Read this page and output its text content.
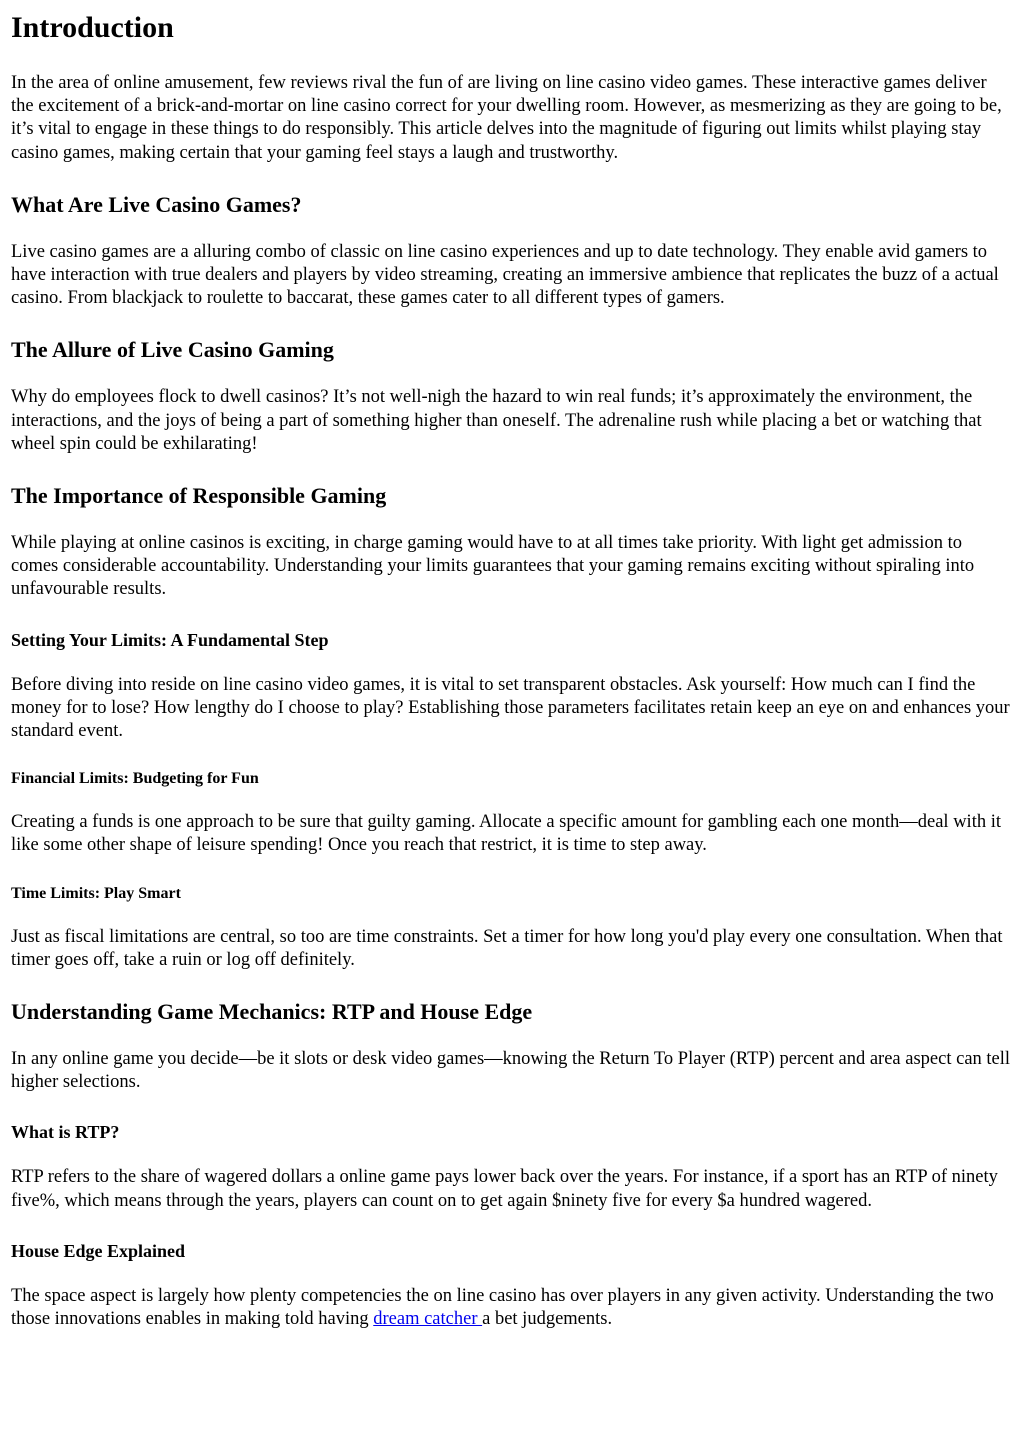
Introduction

In the area of online amusement, few reviews rival the fun of are living on line casino video games. These interactive games deliver the excitement of a brick-and-mortar on line casino correct for your dwelling room. However, as mesmerizing as they are going to be, it’s vital to engage in these things to do responsibly. This article delves into the magnitude of figuring out limits whilst playing stay casino games, making certain that your gaming feel stays a laugh and trustworthy.

What Are Live Casino Games?

Live casino games are a alluring combo of classic on line casino experiences and up to date technology. They enable avid gamers to have interaction with true dealers and players by video streaming, creating an immersive ambience that replicates the buzz of a actual casino. From blackjack to roulette to baccarat, these games cater to all different types of gamers.

The Allure of Live Casino Gaming

Why do employees flock to dwell casinos? It’s not well-nigh the hazard to win real funds; it’s approximately the environment, the interactions, and the joys of being a part of something higher than oneself. The adrenaline rush while placing a bet or watching that wheel spin could be exhilarating!

The Importance of Responsible Gaming

While playing at online casinos is exciting, in charge gaming would have to at all times take priority. With light get admission to comes considerable accountability. Understanding your limits guarantees that your gaming remains exciting without spiraling into unfavourable results.

Setting Your Limits: A Fundamental Step

Before diving into reside on line casino video games, it is vital to set transparent obstacles. Ask yourself: How much can I find the money for to lose? How lengthy do I choose to play? Establishing those parameters facilitates retain keep an eye on and enhances your standard event.

Financial Limits: Budgeting for Fun

Creating a funds is one approach to be sure that guilty gaming. Allocate a specific amount for gambling each one month—deal with it like some other shape of leisure spending! Once you reach that restrict, it is time to step away.

Time Limits: Play Smart

Just as fiscal limitations are central, so too are time constraints. Set a timer for how long you'd play every one consultation. When that timer goes off, take a ruin or log off definitely.

Understanding Game Mechanics: RTP and House Edge

In any online game you decide—be it slots or desk video games—knowing the Return To Player (RTP) percent and area aspect can tell higher selections.

What is RTP?

RTP refers to the share of wagered dollars a online game pays lower back over the years. For instance, if a sport has an RTP of ninety five%, which means through the years, players can count on to get again $ninety five for every $a hundred wagered.

House Edge Explained

The space aspect is largely how plenty competencies the on line casino has over players in any given activity. Understanding the two those innovations enables in making told having dream catcher a bet judgements.
